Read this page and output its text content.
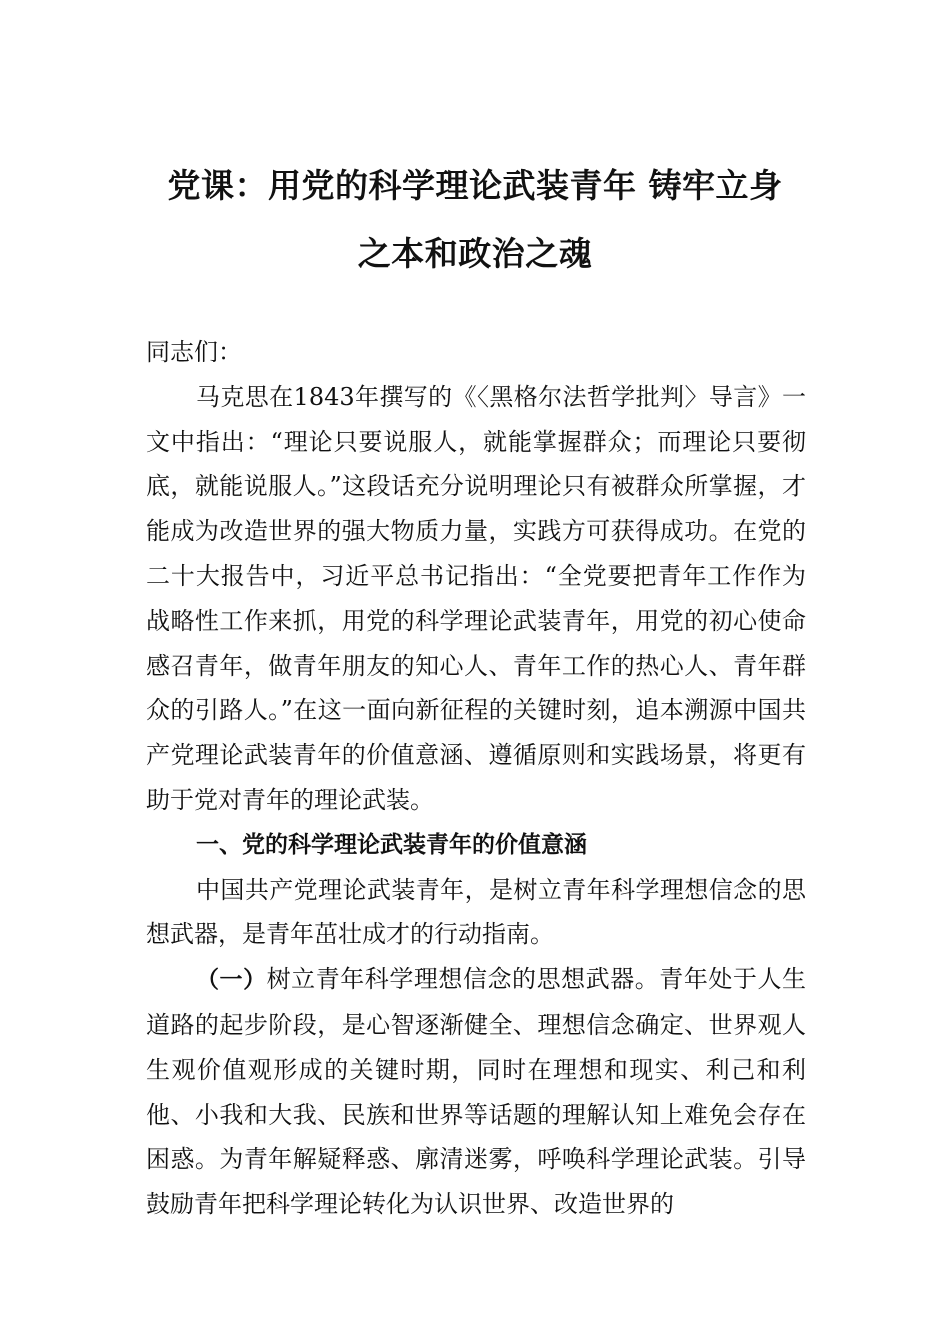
党课：用党的科学理论武装青年 铸牢立身
之本和政治之魂

同志们：

马克思在1843年撰写的《〈黑格尔法哲学批判〉导言》一文中指出：“理论只要说服人，就能掌握群众；而理论只要彻底，就能说服人。”这段话充分说明理论只有被群众所掌握，才能成为改造世界的强大物质力量，实践方可获得成功。在党的二十大报告中，习近平总书记指出：“全党要把青年工作作为战略性工作来抓，用党的科学理论武装青年，用党的初心使命感召青年，做青年朋友的知心人、青年工作的热心人、青年群众的引路人。”在这一面向新征程的关键时刻，追本溯源中国共产党理论武装青年的价值意涵、遵循原则和实践场景，将更有助于党对青年的理论武装。

一、党的科学理论武装青年的价值意涵

中国共产党理论武装青年，是树立青年科学理想信念的思想武器，是青年茁壮成才的行动指南。

（一）树立青年科学理想信念的思想武器。青年处于人生道路的起步阶段，是心智逐渐健全、理想信念确定、世界观人生观价值观形成的关键时期，同时在理想和现实、利己和利他、小我和大我、民族和世界等话题的理解认知上难免会存在困惑。为青年解疑释惑、廓清迷雾，呼唤科学理论武装。引导鼓励青年把科学理论转化为认识世界、改造世界的
